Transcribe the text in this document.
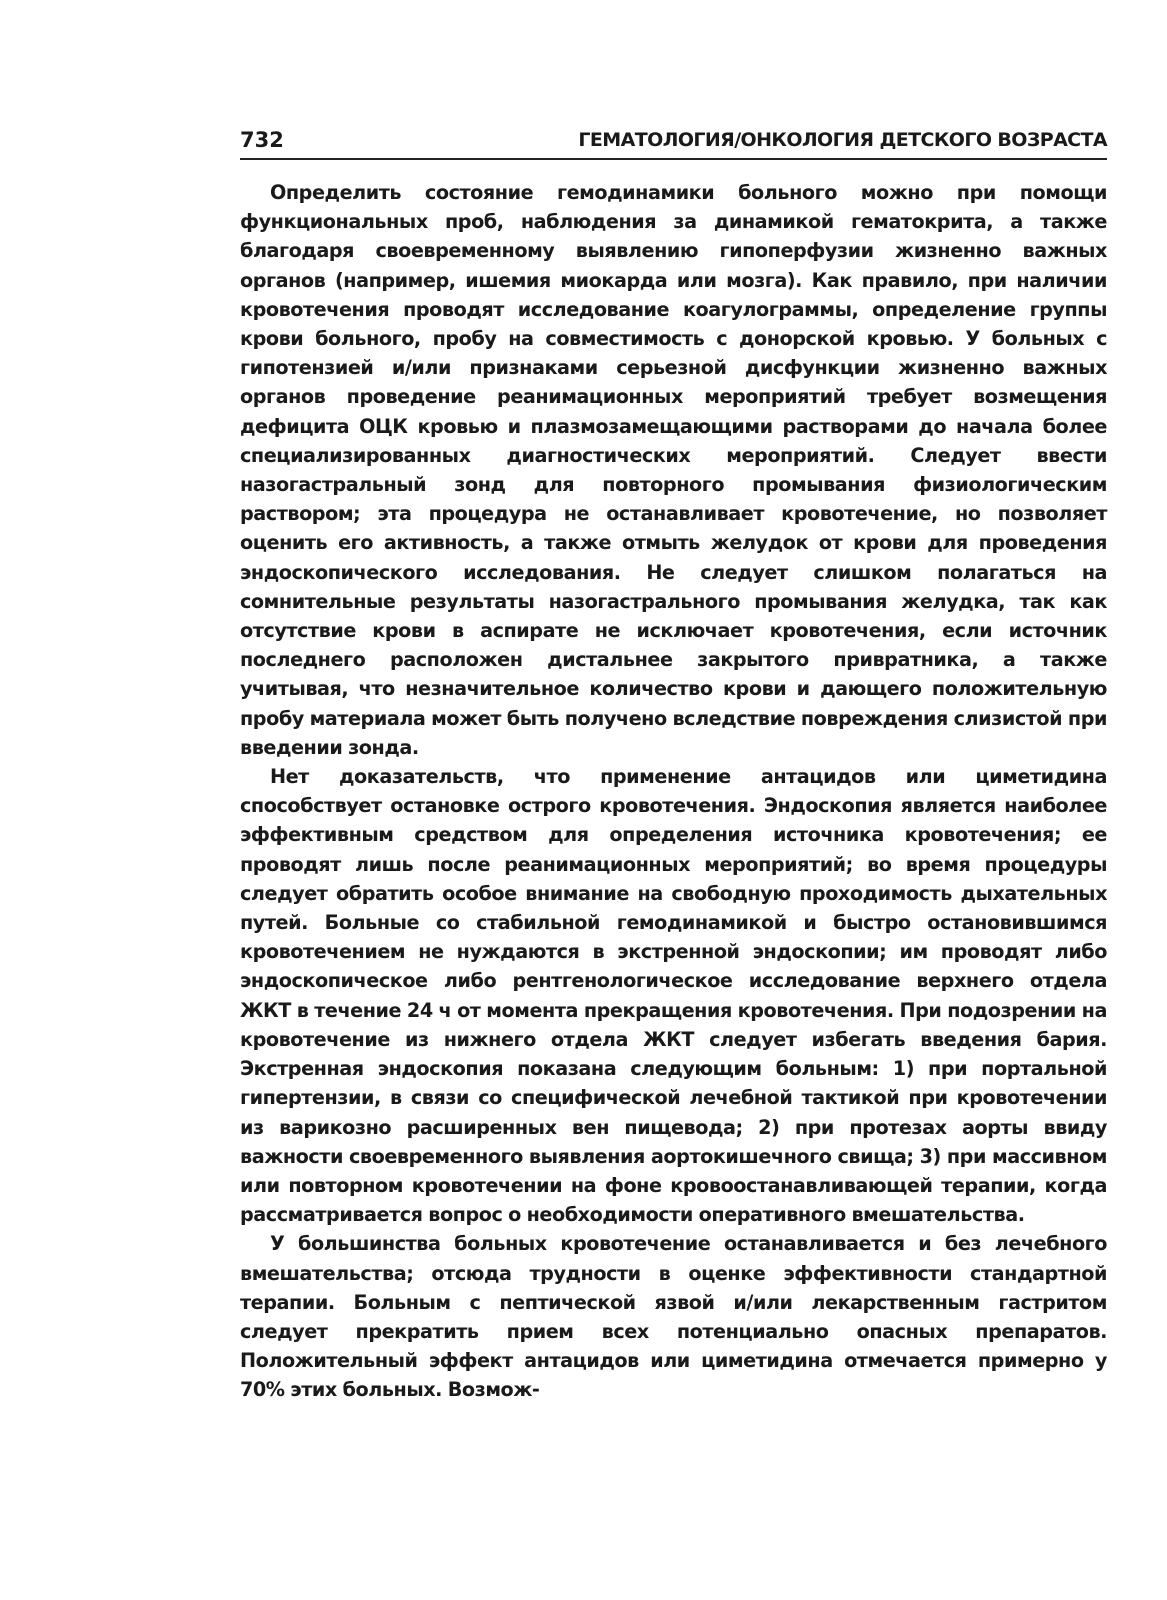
732	ГЕМАТОЛОГИЯ/ОНКОЛОГИЯ ДЕТСКОГО ВОЗРАСТА

Определить состояние гемодинамики больного можно при помощи функциональных проб, наблюдения за динамикой гематокрита, а также благодаря своевременному выявлению гипоперфузии жизненно важных органов (например, ишемия миокарда или мозга). Как правило, при наличии кровотечения проводят исследование коагулограммы, определение группы крови больного, пробу на совместимость с донорской кровью. У больных с гипотензией и/или признаками серьезной дисфункции жизненно важных органов проведение реанимационных мероприятий требует возмещения дефицита ОЦК кровью и плазмозамещающими растворами до начала более специализированных диагностических мероприятий. Следует ввести назогастральный зонд для повторного промывания физиологическим раствором; эта процедура не останавливает кровотечение, но позволяет оценить его активность, а также отмыть желудок от крови для проведения эндоскопического исследования. Не следует слишком полагаться на сомнительные результаты назогастрального промывания желудка, так как отсутствие крови в аспирате не исключает кровотечения, если источник последнего расположен дистальнее закрытого привратника, а также учитывая, что незначительное количество крови и дающего положительную пробу материала может быть получено вследствие повреждения слизистой при введении зонда.

Нет доказательств, что применение антацидов или циметидина способствует остановке острого кровотечения. Эндоскопия является наиболее эффективным средством для определения источника кровотечения; ее проводят лишь после реанимационных мероприятий; во время процедуры следует обратить особое внимание на свободную проходимость дыхательных путей. Больные со стабильной гемодинамикой и быстро остановившимся кровотечением не нуждаются в экстренной эндоскопии; им проводят либо эндоскопическое либо рентгенологическое исследование верхнего отдела ЖКТ в течение 24 ч от момента прекращения кровотечения. При подозрении на кровотечение из нижнего отдела ЖКТ следует избегать введения бария. Экстренная эндоскопия показана следующим больным: 1) при портальной гипертензии, в связи со специфической лечебной тактикой при кровотечении из варикозно расширенных вен пищевода; 2) при протезах аорты ввиду важности своевременного выявления аортокишечного свища; 3) при массивном или повторном кровотечении на фоне кровоостанавливающей терапии, когда рассматривается вопрос о необходимости оперативного вмешательства.

У большинства больных кровотечение останавливается и без лечебного вмешательства; отсюда трудности в оценке эффективности стандартной терапии. Больным с пептической язвой и/или лекарственным гастритом следует прекратить прием всех потенциально опасных препаратов. Положительный эффект антацидов или циметидина отмечается примерно у 70% этих больных. Возмож-
